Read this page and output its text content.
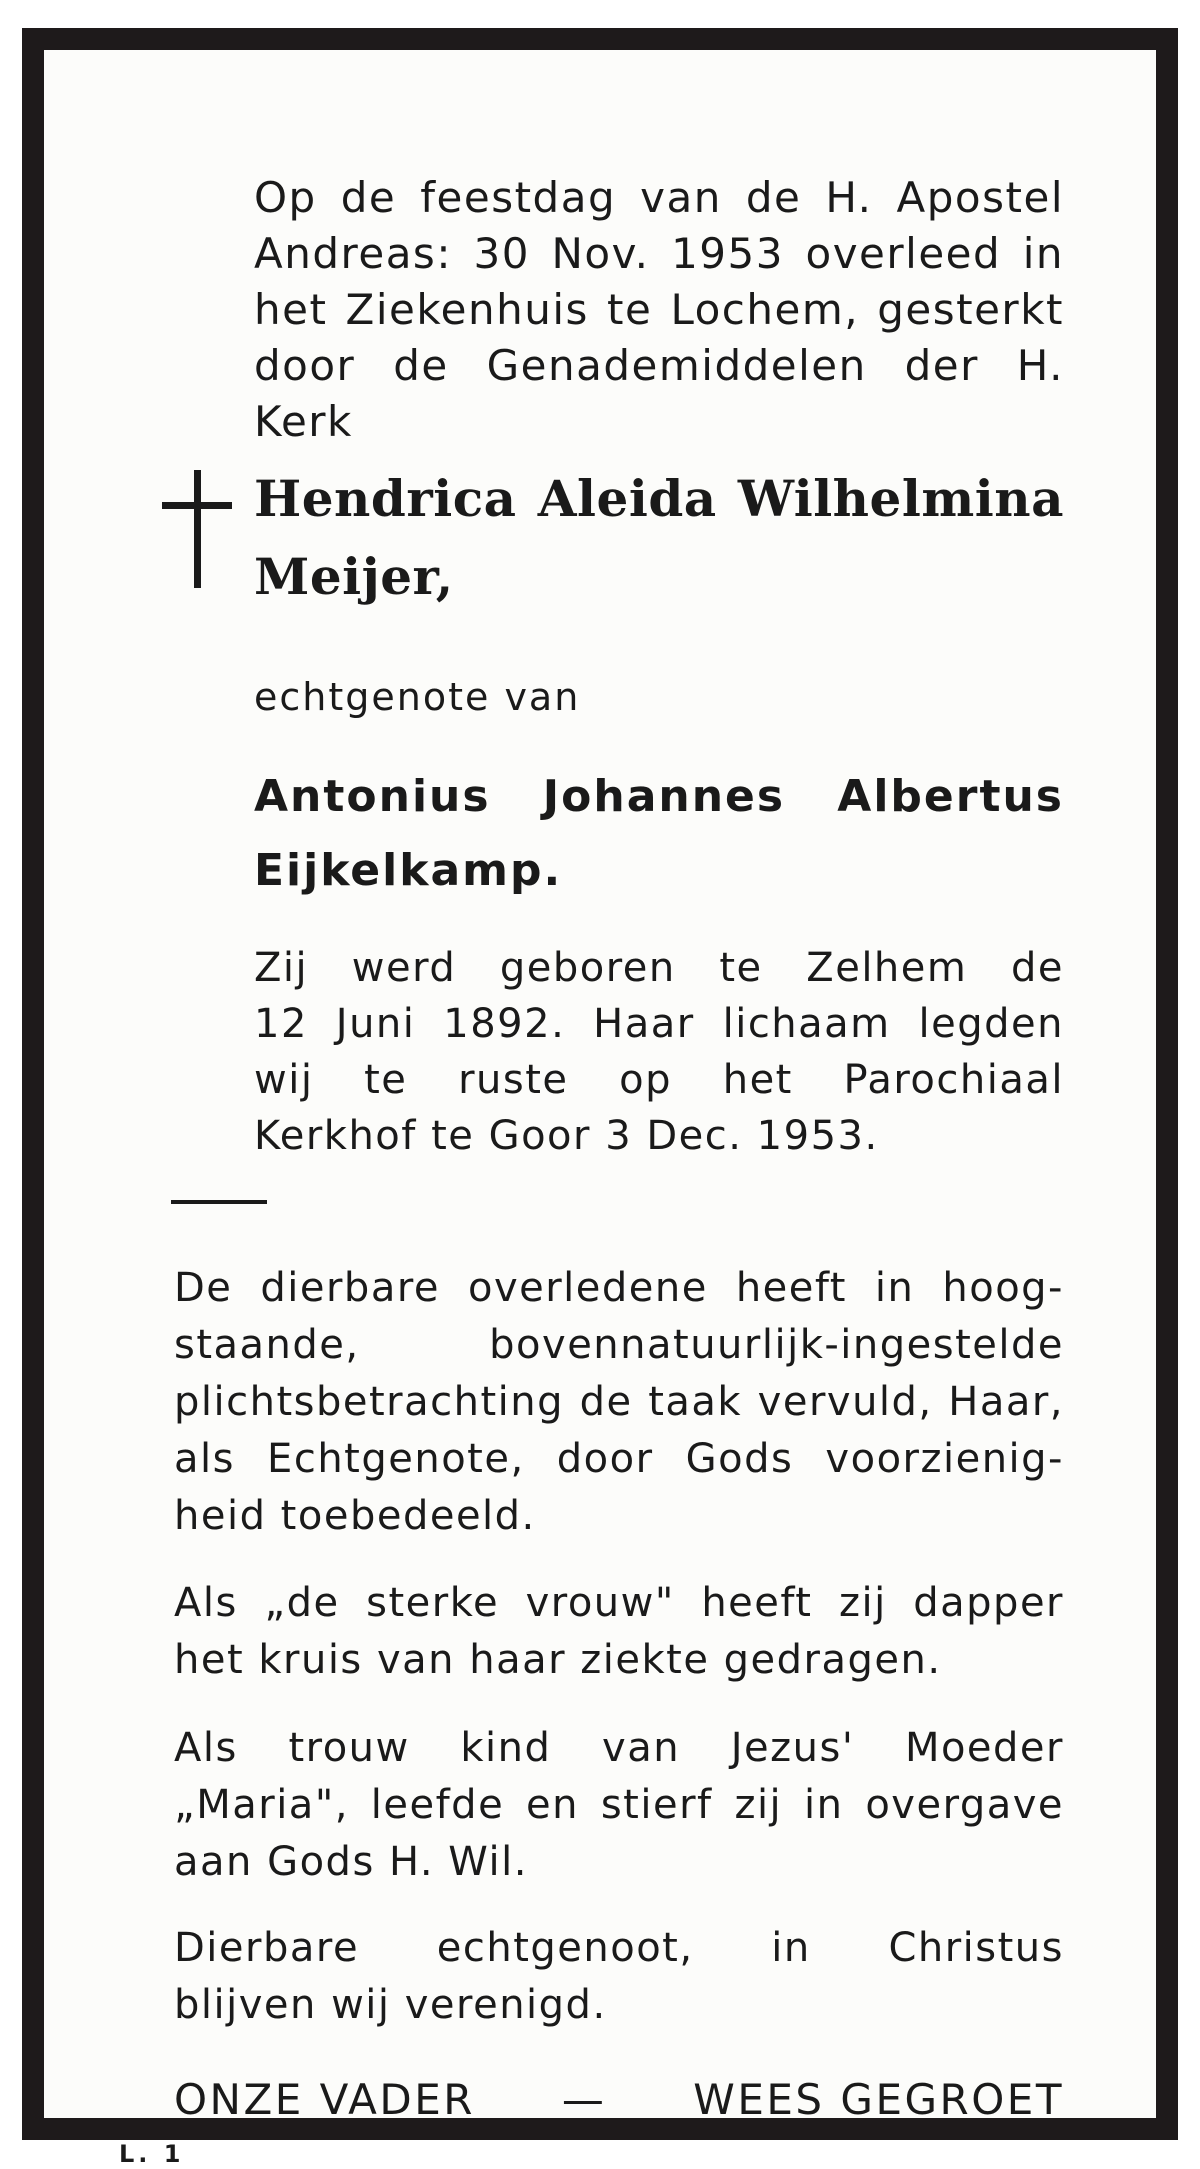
Op de feestdag van de H. Apostel
Andreas: 30 Nov. 1953 overleed in
het Ziekenhuis te Lochem, gesterkt
door de Genademiddelen der H. Kerk

Hendrica Aleida Wilhelmina
Meijer,
echtgenote van
Antonius Johannes Albertus
Eijkelkamp.

Zij werd geboren te Zelhem de
12 Juni 1892. Haar lichaam legden
wij te ruste op het Parochiaal
Kerkhof te Goor 3 Dec. 1953.

De dierbare overledene heeft in hoog-
staande, bovennatuurlijk-ingestelde
plichtsbetrachting de taak vervuld, Haar,
als Echtgenote, door Gods voorzienig-
heid toebedeeld.

Als „de sterke vrouw" heeft zij dapper
het kruis van haar ziekte gedragen.

Als trouw kind van Jezus' Moeder
„Maria", leefde en stierf zij in overgave
aan Gods H. Wil.

Dierbare echtgenoot, in Christus
blijven wij verenigd.

ONZE VADER — WEES GEGROET
L. 1
